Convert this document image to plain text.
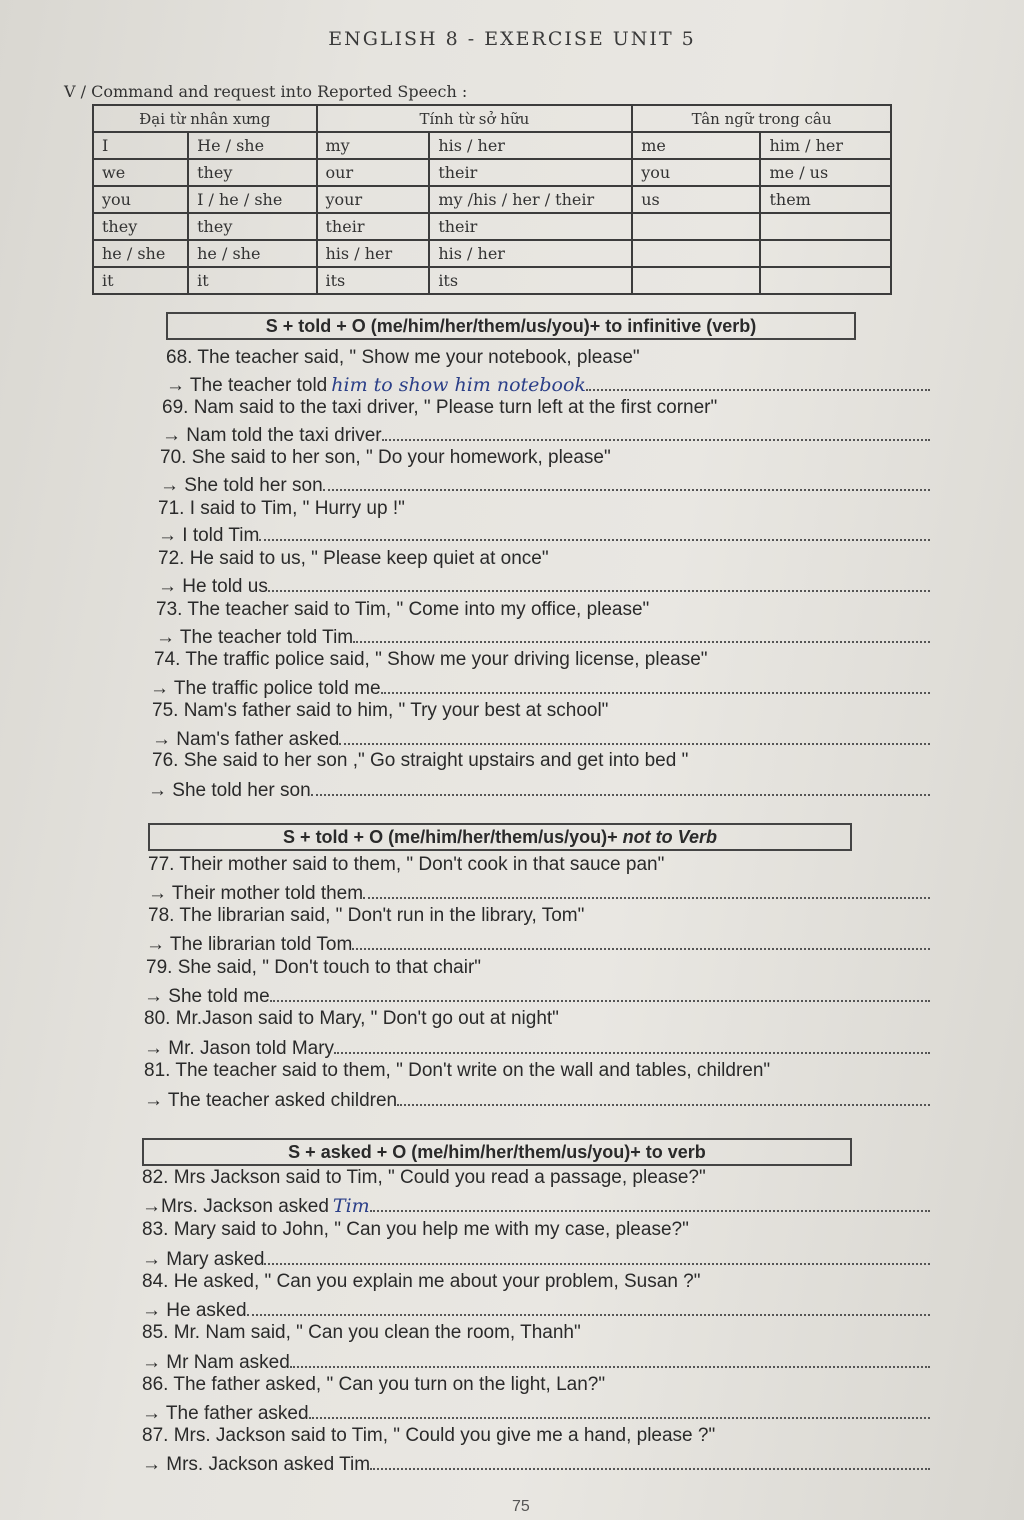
ENGLISH 8 - EXERCISE UNIT 5
V / Command and request into Reported Speech :
Đại từ nhân xưng		Tính từ sở hữu		Tân ngữ trong câu	
I	He / she	my	his / her	me	him / her
we	they	our	their	you	me / us
you	I / he / she	your	my /his / her / their	us	them
they	they	their	their		
he / she	he / she	his / her	his / her		
it	it	its	its		
S + told + O (me/him/her/them/us/you)+ to infinitive (verb)
S + told + O (me/him/her/them/us/you)+ not to Verb
S + asked + O (me/him/her/them/us/you)+ to verb
68. The teacher said, " Show me your notebook, please"
→ The teacher told him to show him notebook
69. Nam said to the taxi driver, " Please turn left at the first corner"
→ Nam told the taxi driver
70. She said to her son, " Do your homework, please"
→ She told her son
71. I said to Tim, " Hurry up !"
→ I told Tim
72. He said to us, " Please keep quiet at once"
→ He told us
73. The teacher said to Tim, " Come into my office, please"
→ The teacher told Tim
74. The traffic police said, " Show me your driving license, please"
→ The traffic police told me
75. Nam's father said to him, " Try your best at school"
→ Nam's father asked
76. She said to her son ," Go straight upstairs and get into bed "
→ She told her son
77. Their mother said to them, " Don't cook in that sauce pan"
→ Their mother told them
78. The librarian said, " Don't run in the library, Tom"
→ The librarian told Tom
79. She said, " Don't touch to that chair"
→ She told me
80. Mr.Jason said to Mary, " Don't go out at night"
→ Mr. Jason told Mary
81. The teacher said to them, " Don't write on the wall and tables, children"
→ The teacher asked children
82. Mrs Jackson said to Tim, " Could you read a passage, please?"
→Mrs. Jackson asked Tim
83. Mary said to John, " Can you help me with my case, please?"
→ Mary asked
84. He asked, " Can you explain me about your problem, Susan ?"
→ He asked
85. Mr. Nam said, " Can you clean the room, Thanh"
→ Mr Nam asked
86. The father asked, " Can you turn on the light, Lan?"
→ The father asked
87. Mrs. Jackson said to Tim, " Could you give me a hand, please ?"
→ Mrs. Jackson asked Tim
75
